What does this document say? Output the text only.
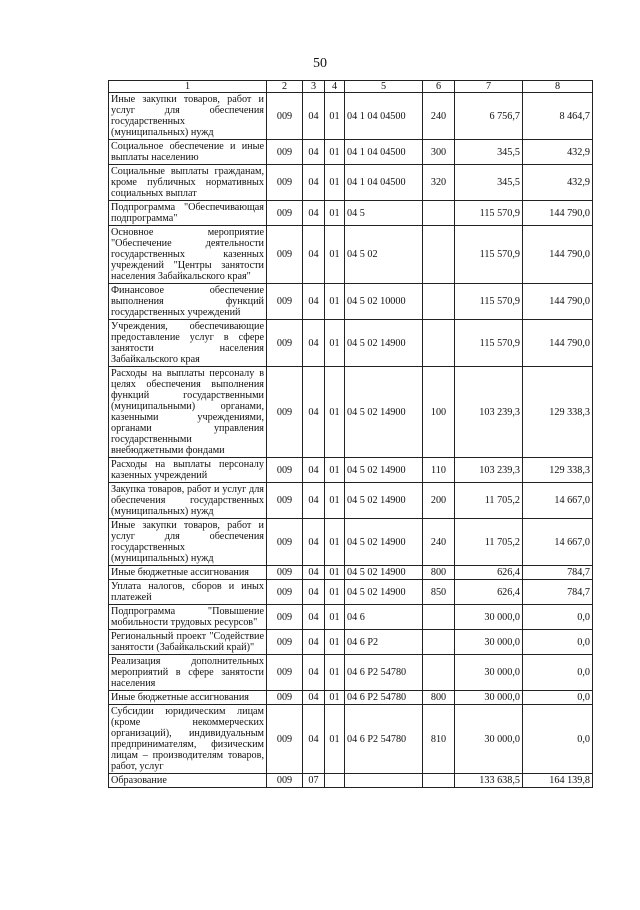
50
1	2	3	4	5	6	7	8
Иные закупки товаров, работ и услуг для обеспечения государственных (муниципальных) нужд	009	04	01	04 1 04 04500	240	6 756,7	8 464,7
Социальное обеспечение и иные выплаты населению	009	04	01	04 1 04 04500	300	345,5	432,9
Социальные выплаты гражданам, кроме публичных нормативных социальных выплат	009	04	01	04 1 04 04500	320	345,5	432,9
Подпрограмма "Обеспечивающая подпрограмма"	009	04	01	04 5		115 570,9	144 790,0
Основное мероприятие "Обеспечение деятельности государственных казенных учреждений "Центры занятости населения Забайкальского края"	009	04	01	04 5 02		115 570,9	144 790,0
Финансовое обеспечение выполнения функций государственных учреждений	009	04	01	04 5 02 10000		115 570,9	144 790,0
Учреждения, обеспечивающие предоставление услуг в сфере занятости населения Забайкальского края	009	04	01	04 5 02 14900		115 570,9	144 790,0
Расходы на выплаты персоналу в целях обеспечения выполнения функций государственными (муниципальными) органами, казенными учреждениями, органами управления государственными внебюджетными фондами	009	04	01	04 5 02 14900	100	103 239,3	129 338,3
Расходы на выплаты персоналу казенных учреждений	009	04	01	04 5 02 14900	110	103 239,3	129 338,3
Закупка товаров, работ и услуг для обеспечения государственных (муниципальных) нужд	009	04	01	04 5 02 14900	200	11 705,2	14 667,0
Иные закупки товаров, работ и услуг для обеспечения государственных (муниципальных) нужд	009	04	01	04 5 02 14900	240	11 705,2	14 667,0
Иные бюджетные ассигнования	009	04	01	04 5 02 14900	800	626,4	784,7
Уплата налогов, сборов и иных платежей	009	04	01	04 5 02 14900	850	626,4	784,7
Подпрограмма "Повышение мобильности трудовых ресурсов"	009	04	01	04 6		30 000,0	0,0
Региональный проект "Содействие занятости (Забайкальский край)"	009	04	01	04 6 P2		30 000,0	0,0
Реализация дополнительных мероприятий в сфере занятости населения	009	04	01	04 6 P2 54780		30 000,0	0,0
Иные бюджетные ассигнования	009	04	01	04 6 P2 54780	800	30 000,0	0,0
Субсидии юридическим лицам (кроме некоммерческих организаций), индивидуальным предпринимателям, физическим лицам – производителям товаров, работ, услуг	009	04	01	04 6 P2 54780	810	30 000,0	0,0
Образование	009	07				133 638,5	164 139,8
